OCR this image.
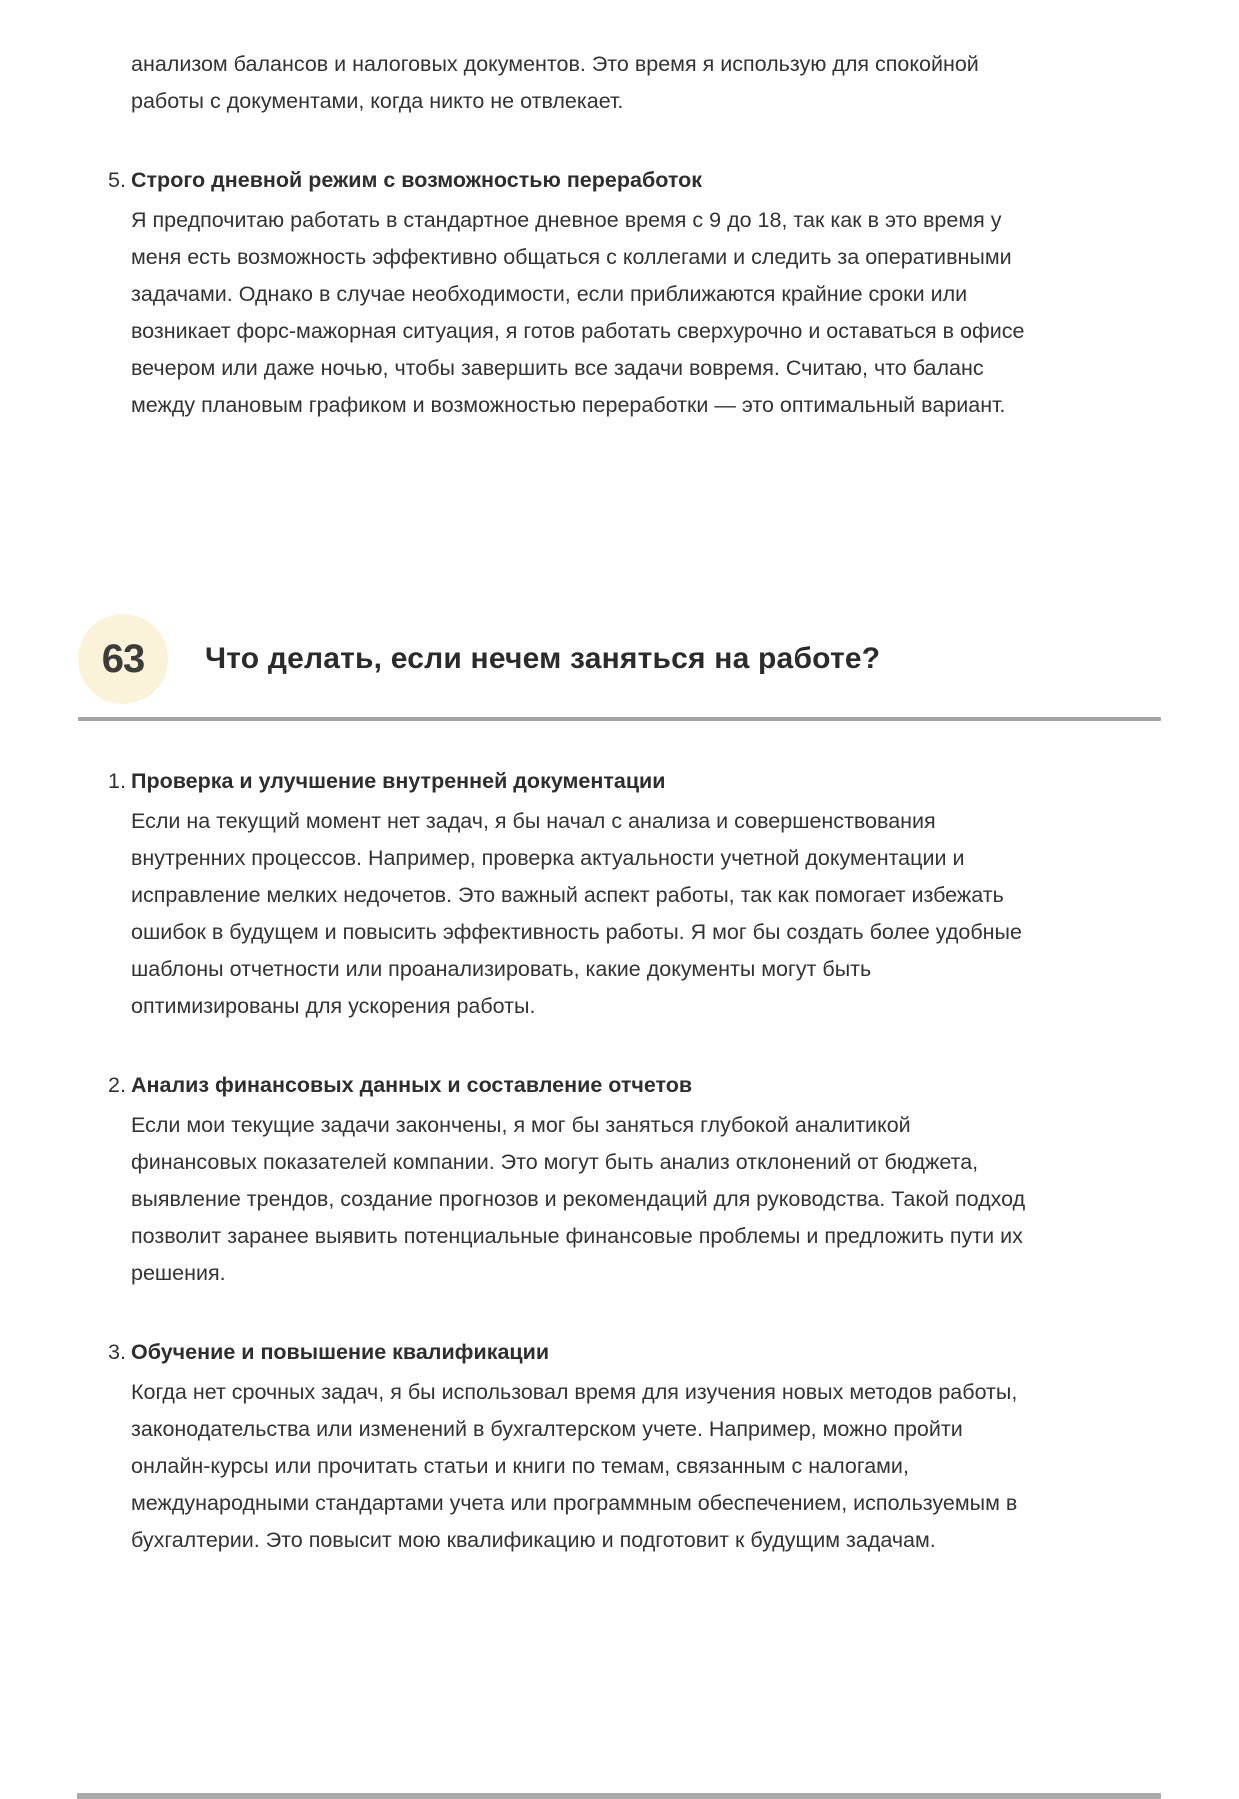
анализом балансов и налоговых документов. Это время я использую для спокойной работы с документами, когда никто не отвлекает.

5. Строго дневной режим с возможностью переработок

Я предпочитаю работать в стандартное дневное время с 9 до 18, так как в это время у меня есть возможность эффективно общаться с коллегами и следить за оперативными задачами. Однако в случае необходимости, если приближаются крайние сроки или возникает форс-мажорная ситуация, я готов работать сверхурочно и оставаться в офисе вечером или даже ночью, чтобы завершить все задачи вовремя. Считаю, что баланс между плановым графиком и возможностью переработки — это оптимальный вариант.

63 Что делать, если нечем заняться на работе?
1. Проверка и улучшение внутренней документации

Если на текущий момент нет задач, я бы начал с анализа и совершенствования внутренних процессов. Например, проверка актуальности учетной документации и исправление мелких недочетов. Это важный аспект работы, так как помогает избежать ошибок в будущем и повысить эффективность работы. Я мог бы создать более удобные шаблоны отчетности или проанализировать, какие документы могут быть оптимизированы для ускорения работы.

2. Анализ финансовых данных и составление отчетов

Если мои текущие задачи закончены, я мог бы заняться глубокой аналитикой финансовых показателей компании. Это могут быть анализ отклонений от бюджета, выявление трендов, создание прогнозов и рекомендаций для руководства. Такой подход позволит заранее выявить потенциальные финансовые проблемы и предложить пути их решения.

3. Обучение и повышение квалификации

Когда нет срочных задач, я бы использовал время для изучения новых методов работы, законодательства или изменений в бухгалтерском учете. Например, можно пройти онлайн-курсы или прочитать статьи и книги по темам, связанным с налогами, международными стандартами учета или программным обеспечением, используемым в бухгалтерии. Это повысит мою квалификацию и подготовит к будущим задачам.
